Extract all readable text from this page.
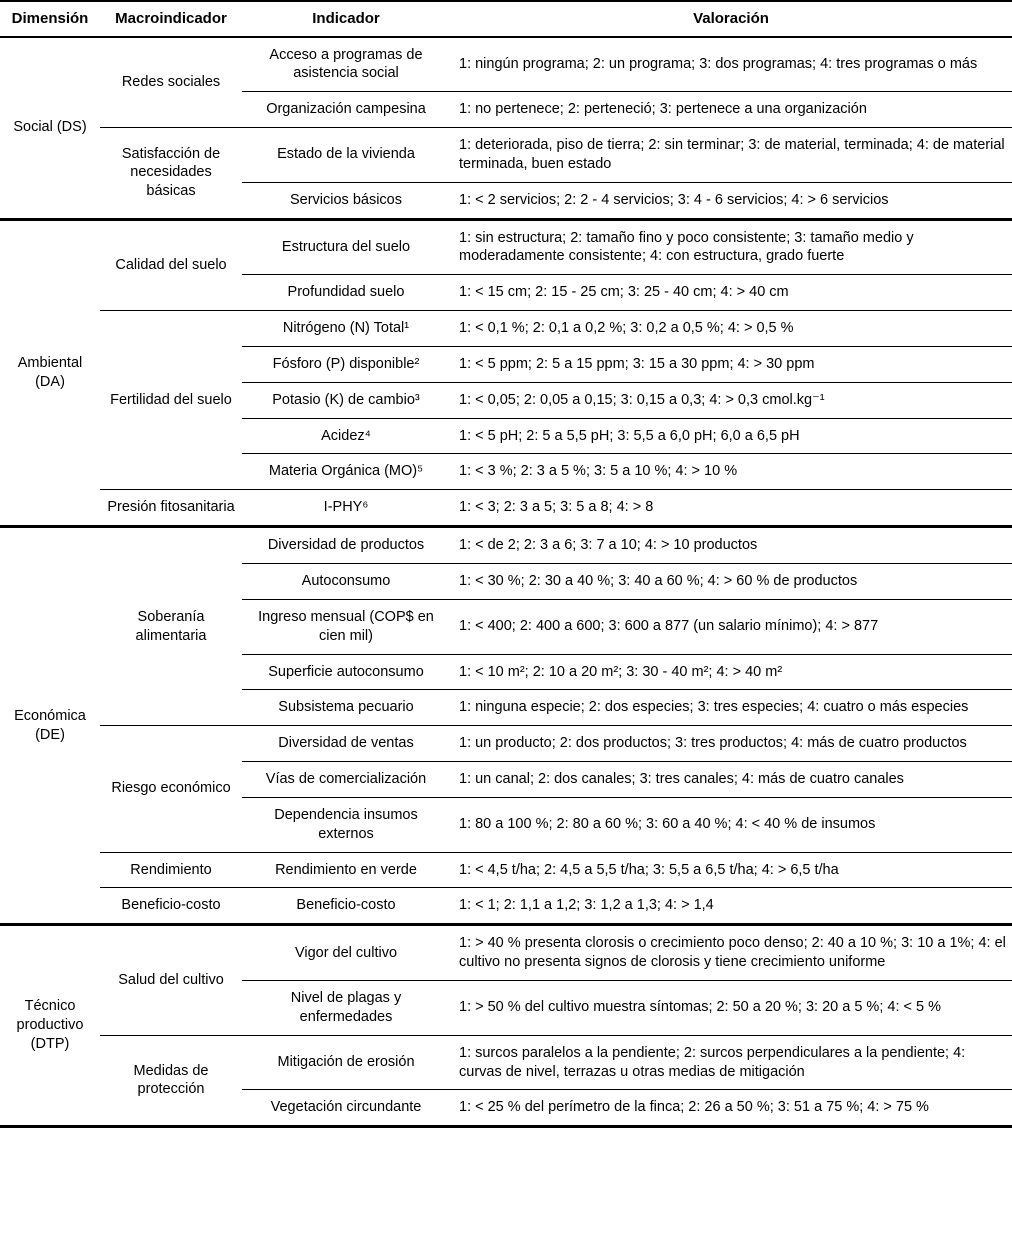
Dimensión	Macroindicador	Indicador	Valoración
Social (DS)	Redes sociales	Acceso a programas de asistencia social	1: ningún programa; 2: un programa; 3: dos programas; 4: tres programas o más
		Organización campesina	1: no pertenece; 2: perteneció; 3: pertenece a una organización
	Satisfacción de necesidades básicas	Estado de la vivienda	1: deteriorada, piso de tierra; 2: sin terminar; 3: de material, terminada; 4: de material terminada, buen estado
		Servicios básicos	1: < 2 servicios; 2: 2 - 4 servicios; 3: 4 - 6 servicios; 4: > 6 servicios
Ambiental (DA)	Calidad del suelo	Estructura del suelo	1: sin estructura; 2: tamaño fino y poco consistente; 3: tamaño medio y moderadamente consistente; 4: con estructura, grado fuerte
		Profundidad suelo	1: < 15 cm; 2: 15 - 25 cm; 3: 25 - 40 cm; 4: > 40 cm
	Fertilidad del suelo	Nitrógeno (N) Total¹	1: < 0,1 %; 2: 0,1 a 0,2 %; 3: 0,2 a 0,5 %; 4: > 0,5 %
		Fósforo (P) disponible²	1: < 5 ppm; 2: 5 a 15 ppm; 3: 15 a 30 ppm; 4: > 30 ppm
		Potasio (K) de cambio³	1: < 0,05; 2: 0,05 a 0,15; 3: 0,15 a 0,3; 4: > 0,3 cmol.kg⁻¹
		Acidez⁴	1: < 5 pH; 2: 5 a 5,5 pH; 3: 5,5 a 6,0 pH; 6,0 a 6,5 pH
		Materia Orgánica (MO)⁵	1: < 3 %; 2: 3 a 5 %; 3: 5 a 10 %; 4: > 10 %
	Presión fitosanitaria	I-PHY⁶	1: < 3; 2: 3 a 5; 3: 5 a 8; 4: > 8
Económica (DE)	Soberanía alimentaria	Diversidad de productos	1: < de 2; 2: 3 a 6; 3: 7 a 10; 4: > 10 productos
		Autoconsumo	1: < 30 %; 2: 30 a 40 %; 3: 40 a 60 %; 4: > 60 % de productos
		Ingreso mensual (COP$ en cien mil)	1: < 400; 2: 400 a 600; 3: 600 a 877 (un salario mínimo); 4: > 877
		Superficie autoconsumo	1: < 10 m²; 2: 10 a 20 m²; 3: 30 - 40 m²; 4: > 40 m²
		Subsistema pecuario	1: ninguna especie; 2: dos especies; 3: tres especies; 4: cuatro o más especies
	Riesgo económico	Diversidad de ventas	1: un producto; 2: dos productos; 3: tres productos; 4: más de cuatro productos
		Vías de comercialización	1: un canal; 2: dos canales; 3: tres canales; 4: más de cuatro canales
		Dependencia insumos externos	1: 80 a 100 %; 2: 80 a 60 %; 3: 60 a 40 %; 4: < 40 % de insumos
	Rendimiento	Rendimiento en verde	1: < 4,5 t/ha; 2: 4,5 a 5,5 t/ha; 3: 5,5 a 6,5 t/ha; 4: > 6,5 t/ha
	Beneficio-costo	Beneficio-costo	1: < 1; 2: 1,1 a 1,2; 3: 1,2 a 1,3; 4: > 1,4
Técnico productivo (DTP)	Salud del cultivo	Vigor del cultivo	1: > 40 % presenta clorosis o crecimiento poco denso; 2: 40 a 10 %; 3: 10 a 1%; 4: el cultivo no presenta signos de clorosis y tiene crecimiento uniforme
		Nivel de plagas y enfermedades	1: > 50 % del cultivo muestra síntomas; 2: 50 a 20 %; 3: 20 a 5 %; 4: < 5 %
	Medidas de protección	Mitigación de erosión	1: surcos paralelos a la pendiente; 2: surcos perpendiculares a la pendiente; 4: curvas de nivel, terrazas u otras medias de mitigación
		Vegetación circundante	1: < 25 % del perímetro de la finca; 2: 26 a 50 %; 3: 51 a 75 %; 4: > 75 %
